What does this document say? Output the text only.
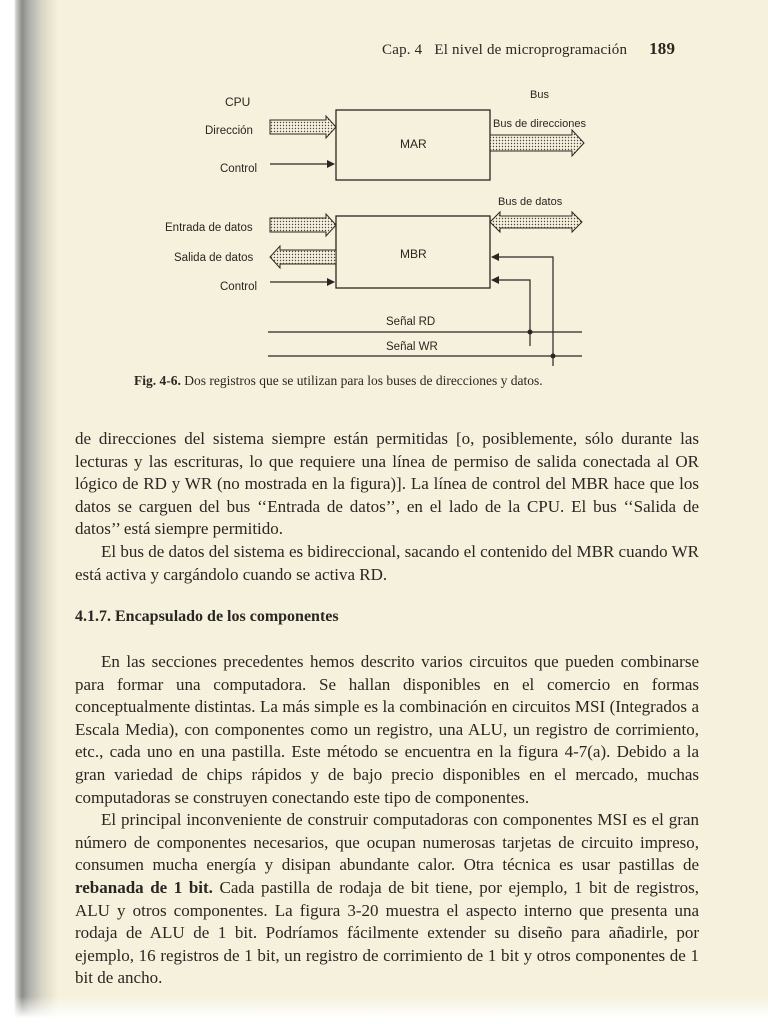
Cap. 4 El nivel de microprogramación 189
CPU	Bus
MAR
Dirección
Control
Bus de direcciones
Bus de datos
MBR
Entrada de datos
Salida de datos
Control
Señal RD
Señal WR
Fig. 4-6. Dos registros que se utilizan para los buses de direcciones y datos.

de direcciones del sistema siempre están permitidas [o, posiblemente, sólo durante las lecturas y las escrituras, lo que requiere una línea de permiso de salida conectada al OR lógico de RD y WR (no mostrada en la figura)]. La línea de control del MBR hace que los datos se carguen del bus ‘‘Entrada de datos’’, en el lado de la CPU. El bus ‘‘Salida de datos’’ está siempre permitido.

El bus de datos del sistema es bidireccional, sacando el contenido del MBR cuando WR está activa y cargándolo cuando se activa RD.

4.1.7. Encapsulado de los componentes

En las secciones precedentes hemos descrito varios circuitos que pueden combinarse para formar una computadora. Se hallan disponibles en el comercio en formas conceptualmente distintas. La más simple es la combinación en circuitos MSI (Integrados a Escala Media), con componentes como un registro, una ALU, un registro de corrimiento, etc., cada uno en una pastilla. Este método se encuentra en la figura 4-7(a). Debido a la gran variedad de chips rápidos y de bajo precio disponibles en el mercado, muchas computadoras se construyen conectando este tipo de componentes.

El principal inconveniente de construir computadoras con componentes MSI es el gran número de componentes necesarios, que ocupan numerosas tarjetas de circuito impreso, consumen mucha energía y disipan abundante calor. Otra técnica es usar pastillas de rebanada de 1 bit. Cada pastilla de rodaja de bit tiene, por ejemplo, 1 bit de registros, ALU y otros componentes. La figura 3-20 muestra el aspecto interno que presenta una rodaja de ALU de 1 bit. Podríamos fácilmente extender su diseño para añadirle, por ejemplo, 16 registros de 1 bit, un registro de corrimiento de 1 bit y otros componentes de 1 bit de ancho.
